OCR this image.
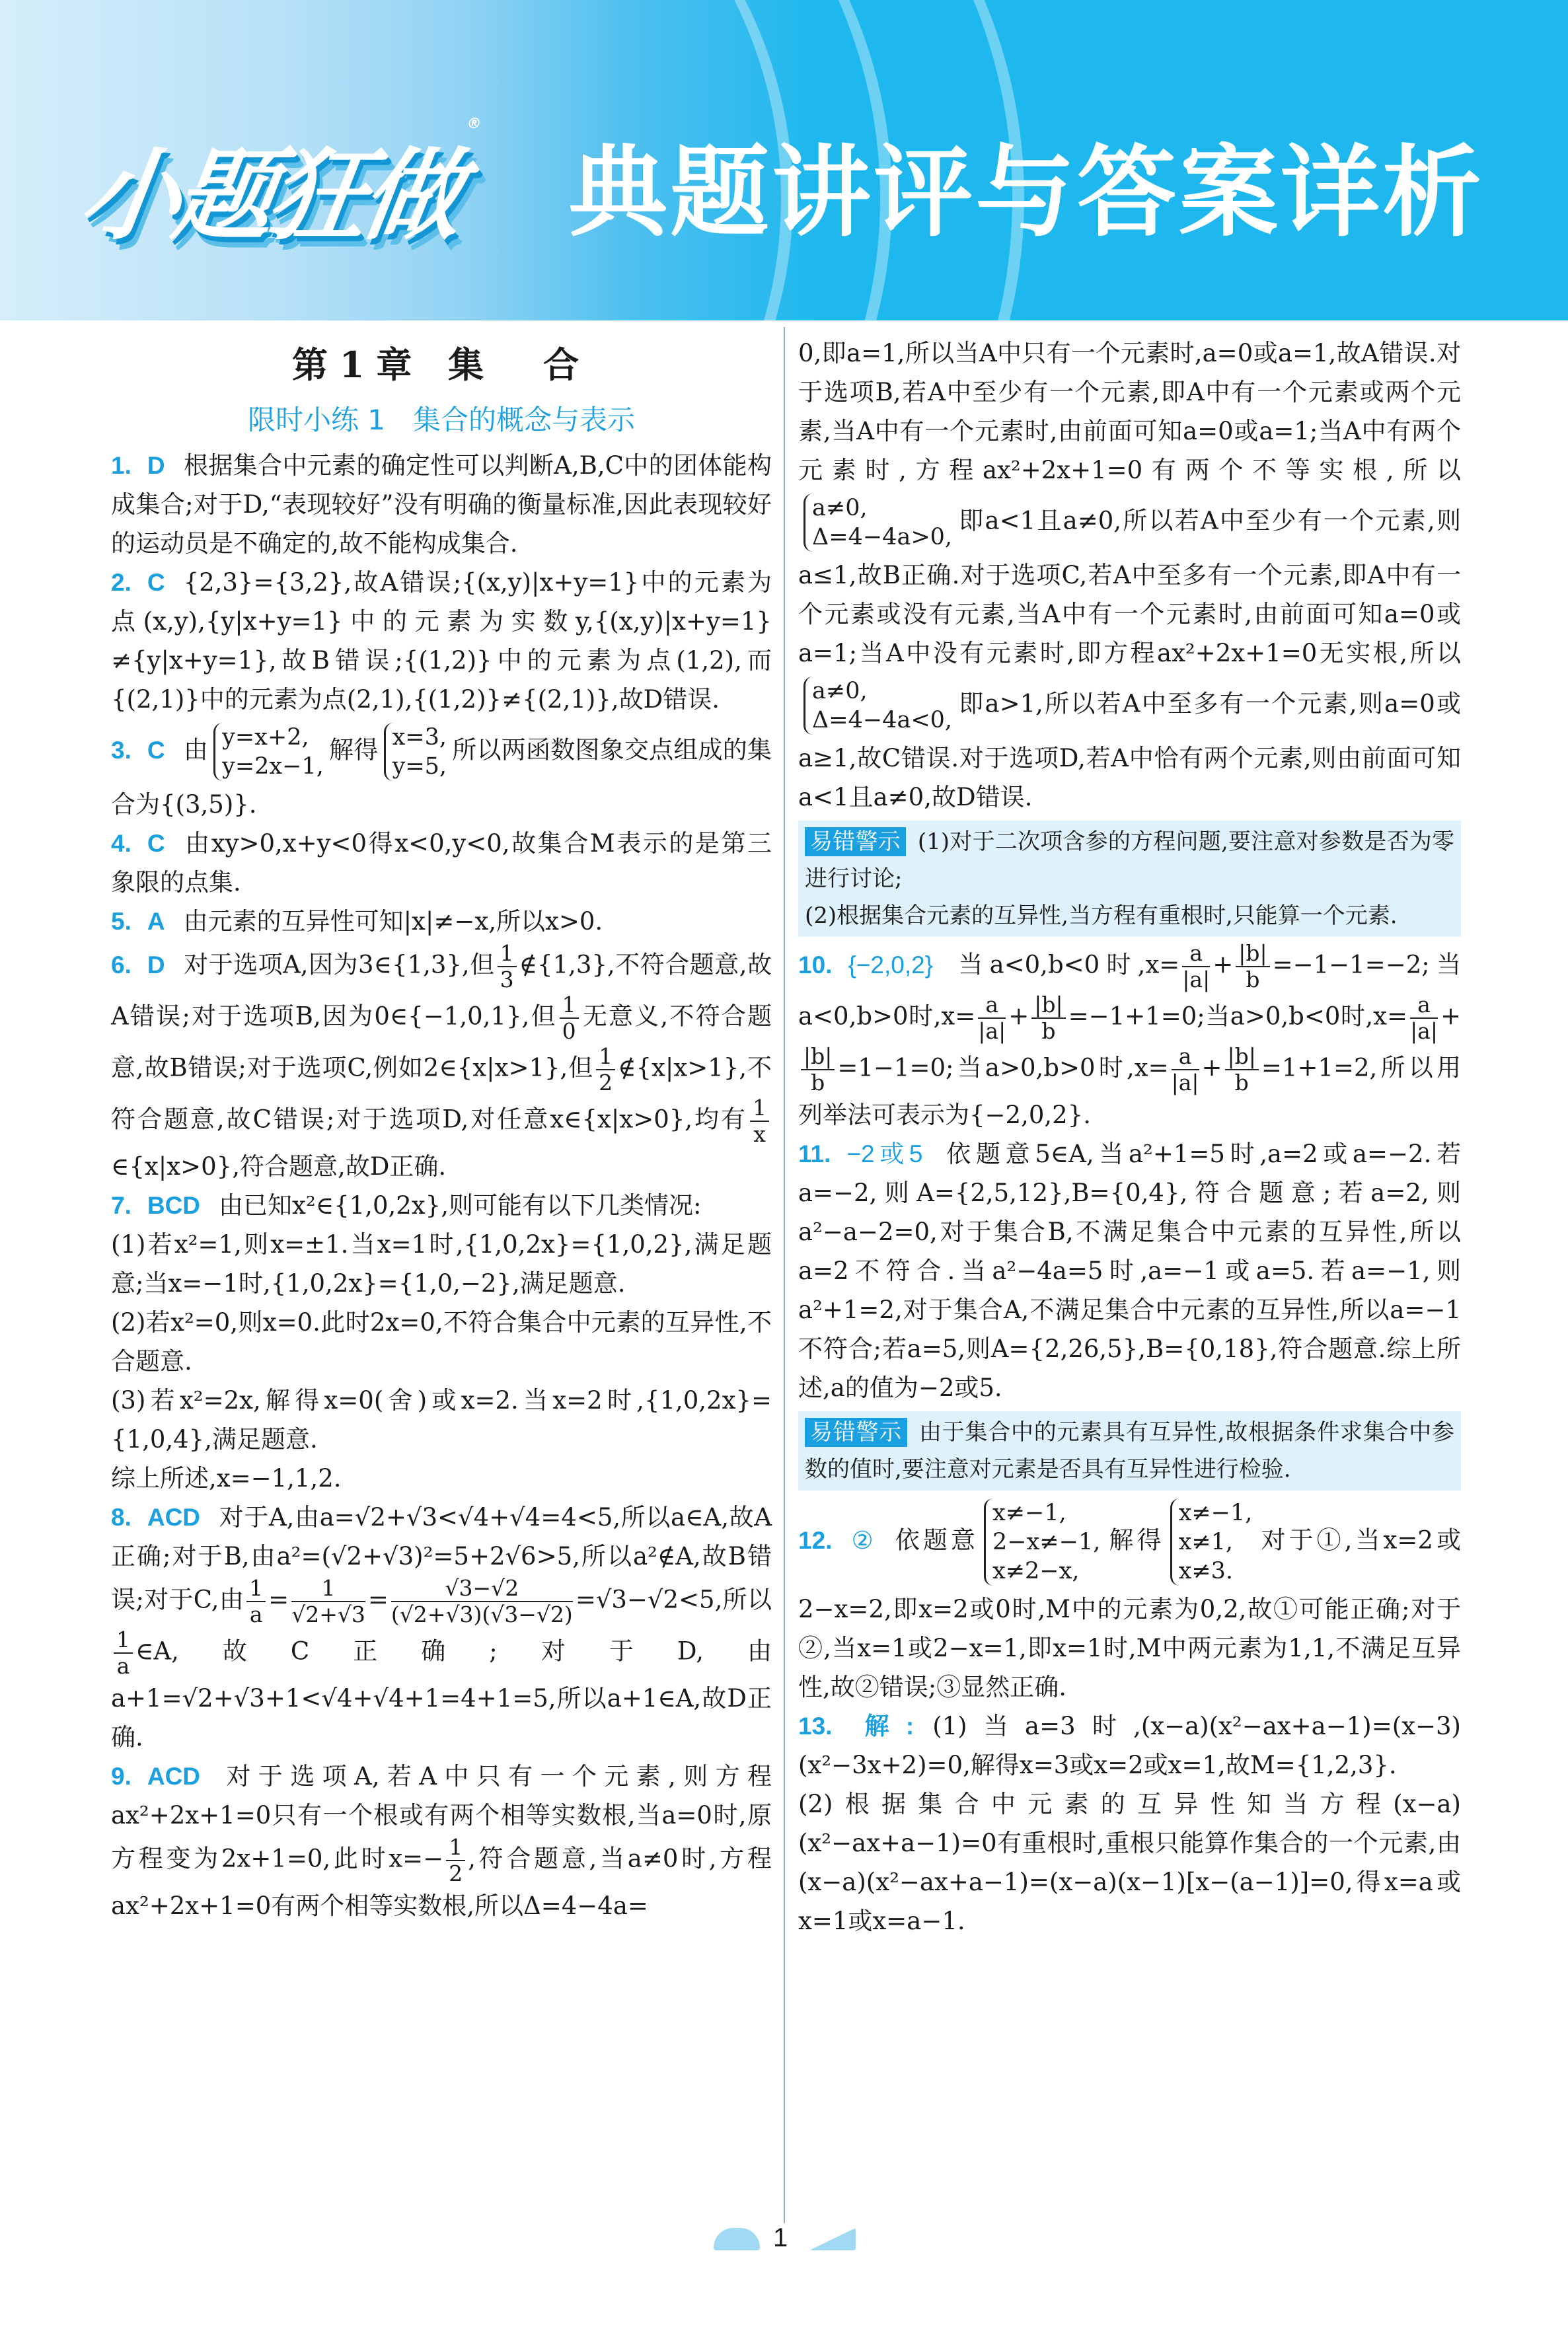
小题狂做®
典题讲评与答案详析
第1章 集　合
限时小练 1　集合的概念与表示

1. D 根据集合中元素的确定性可以判断A,B,C中的团体能构成集合;对于D,“表现较好”没有明确的衡量标准,因此表现较好的运动员是不确定的,故不能构成集合.

2. C {2,3}={3,2},故A错误;{(x,y)|x+y=1}中的元素为点(x,y),{y|x+y=1}中的元素为实数y,{(x,y)|x+y=1}≠{y|x+y=1},故B错误;{(1,2)}中的元素为点(1,2),而{(2,1)}中的元素为点(2,1),{(1,2)}≠{(2,1)},故D错误.

3. C 由 y=x+2,
y=2x−1,
解得 x=3,
y=5,
所以两函数图象交点组成的集合为{(3,5)}.

4. C 由xy>0,x+y<0得x<0,y<0,故集合M表示的是第三象限的点集.

5. A 由元素的互异性可知|x|≠−x,所以x>0.

6. D 对于选项A,因为3∈{1,3},但 $\frac{1}{3}$ ∉{1,3},不符合题意,故A错误;对于选项B,因为0∈{−1,0,1},但 $\frac{1}{0}$ 无意义,不符合题意,故B错误;对于选项C,例如2∈{x|x>1},但 $\frac{1}{2}$ ∉{x|x>1},不符合题意,故C错误;对于选项D,对任意x∈{x|x>0},均有 $\frac{1}{x}$
∈{x|x>0},符合题意,故D正确.

7. BCD 由已知x²∈{1,0,2x},则可能有以下几类情况:
(1)若x²=1,则x=±1.当x=1时,{1,0,2x}={1,0,2},满足题意;当x=−1时,{1,0,2x}={1,0,−2},满足题意.
(2)若x²=0,则x=0.此时2x=0,不符合集合中元素的互异性,不合题意.
(3)若x²=2x,解得x=0(舍)或x=2.当x=2时,{1,0,2x}={1,0,4},满足题意.
综上所述,x=−1,1,2.

8. ACD 对于A,由a=√2+√3<√4+√4=4<5,所以a∈A,故A正确;对于B,由a²=(√2+√3)²=5+2√6>5,所以a²∉A,故B错误;对于C,由 $\frac{1}{a} = \frac{1}{√2+√3} = \frac{√3-√2}{(√2+√3)(√3-√2)} =√3-√2<5$,所以
$\frac{1}{a}$ ∈A,故C正确;对于D,由a+1=√2+√3+1<√4+√4+1=4+1=5,所以a+1∈A,故D正确.

9. ACD 对于选项A,若A中只有一个元素,则方程ax²+2x+1=0只有一个根或有两个相等实数根,当a=0时,原方程变为2x+1=0,此时$x=- \frac{1}{2}$ ,符合题意,当a≠0时,方程ax²+2x+1=0有两个相等实数根,所以Δ=4−4a=

0,即a=1,所以当A中只有一个元素时,a=0或a=1,故A错误.对于选项B,若A中至少有一个元素,即A中有一个元素或两个元素,当A中有一个元素时,由前面可知a=0或a=1;当A中有两个元素时,方程ax²+2x+1=0有两个不等实根,所以
a≠0,
Δ=4−4a>0,
即a<1且a≠0,所以若A中至少有一个元素,则a≤1,故B正确.对于选项C,若A中至多有一个元素,即A中有一个元素或没有元素,当A中有一个元素时,由前面可知a=0或a=1;当A中没有元素时,即方程ax²+2x+1=0无实根,所以
a≠0,
Δ=4−4a<0,
即a>1,所以若A中至多有一个元素,则a=0或a≥1,故C错误.对于选项D,若A中恰有两个元素,则由前面可知a<1且a≠0,故D错误.

易错警示 (1)对于二次项含参的方程问题,要注意对参数是否为零进行讨论;
(2)根据集合元素的互异性,当方程有重根时,只能算一个元素.

10. {−2,0,2} 当a<0,b<0时$,x= \frac{a}{|a|} + \frac{|b|}{b} =-1-1=-2$;当a<0,b>0时$,x= \frac{a}{|a|} + \frac{|b|}{b} =-1+1=0$;当a>0,b<0时$,x= \frac{a}{|a|}$ +
$\frac{|b|}{b} =1-1=0$;当a>0,b>0时$,x= \frac{a}{|a|} + \frac{|b|}{b} =1+1=2$,所以用列举法可表示为{−2,0,2}.

11. −2或5 依题意5∈A,当a²+1=5时,a=2或a=−2.若a=−2,则A={2,5,12},B={0,4},符合题意;若a=2,则a²−a−2=0,对于集合B,不满足集合中元素的互异性,所以a=2不符合.当a²−4a=5时,a=−1或a=5.若a=−1,则a²+1=2,对于集合A,不满足集合中元素的互异性,所以a=−1不符合;若a=5,则A={2,26,5},B={0,18},符合题意.综上所述,a的值为−2或5.

易错警示 由于集合中的元素具有互异性,故根据条件求集合中参数的值时,要注意对元素是否具有互异性进行检验.

12. ② 依题意
x≠−1,
2−x≠−1,
x≠2−x,
解得
x≠−1,
x≠1,
x≠3.
对于①,当x=2或2−x=2,即x=2或0时,M中的元素为0,2,故①可能正确;对于②,当x=1或2−x=1,即x=1时,M中两元素为1,1,不满足互异性,故②错误;③显然正确.

13. 解: (1)当a=3时,(x−a)(x²−ax+a−1)=(x−3)(x²−3x+2)=0,解得x=3或x=2或x=1,故M={1,2,3}.
(2)根据集合中元素的互异性知当方程(x−a)(x²−ax+a−1)=0有重根时,重根只能算作集合的一个元素,由(x−a)(x²−ax+a−1)=(x−a)(x−1)[x−(a−1)]=0,得x=a或x=1或x=a−1.

1
